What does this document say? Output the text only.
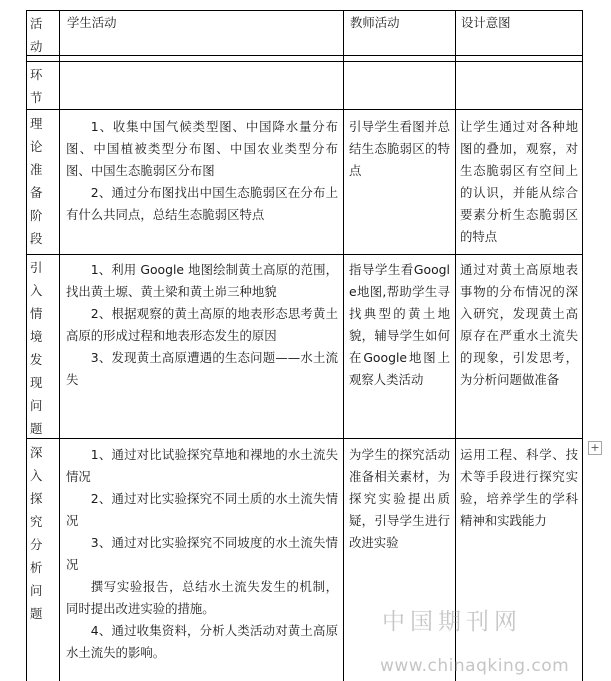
活
动
学生活动	教师活动	设计意图
环
节
理
论
准
备
阶
段
1、收集中国气候类型图、中国降水量分布图、中国植被类型分布图、中国农业类型分布图、中国生态脆弱区分布图
2、通过分布图找出中国生态脆弱区在分布上有什么共同点，总结生态脆弱区特点
引导学生看图并总结生态脆弱区的特点
让学生通过对各种地图的叠加，观察，对生态脆弱区有空间上的认识，并能从综合要素分析生态脆弱区的特点
引
入
情
境
发
现
问
题
1、利用 Google 地图绘制黄土高原的范围，找出黄土塬、黄土梁和黄土峁三种地貌
2、根据观察的黄土高原的地表形态思考黄土高原的形成过程和地表形态发生的原因
3、发现黄土高原遭遇的生态问题——水土流失
指导学生看Google地图,帮助学生寻找典型的黄土地貌，辅导学生如何在Google地图上观察人类活动
通过对黄土高原地表事物的分布情况的深入研究，发现黄土高原存在严重水土流失的现象，引发思考，为分析问题做准备
深
入
探
究
分
析
问
题
1、通过对比试验探究草地和裸地的水土流失情况
2、通过对比实验探究不同土质的水土流失情况
3、通过对比实验探究不同坡度的水土流失情况
撰写实验报告，总结水土流失发生的机制，同时提出改进实验的措施。
4、通过收集资料，分析人类活动对黄土高原水土流失的影响。
为学生的探究活动准备相关素材，为探究实验提出质疑，引导学生进行改进实验
运用工程、科学、技术等手段进行探究实验，培养学生的学科精神和实践能力
+
中国期刊网
www.chinaqking.com
